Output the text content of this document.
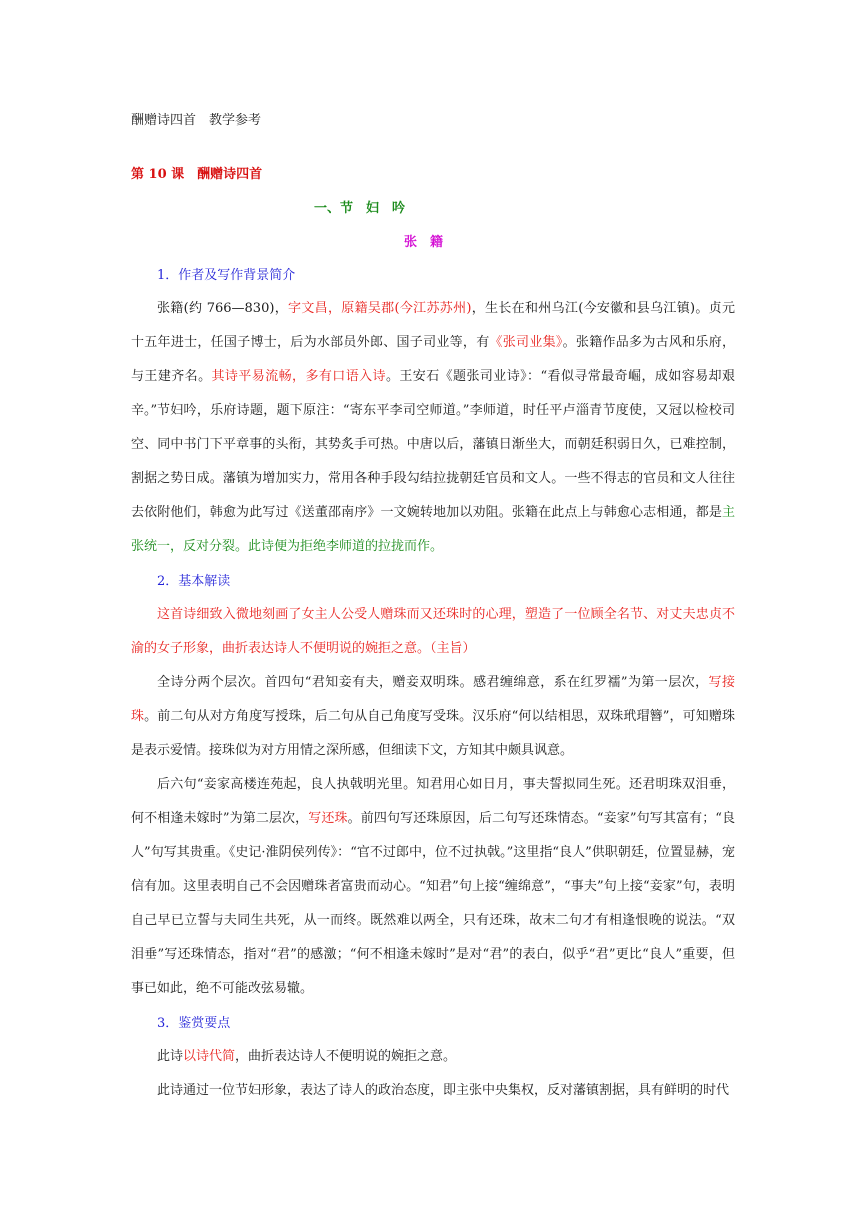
酬赠诗四首　教学参考
第 10 课　酬赠诗四首
一、节　妇　吟
张　籍
1．作者及写作背景简介

张籍(约 766—830)，字文昌，原籍吴郡(今江苏苏州)，生长在和州乌江(今安徽和县乌江镇)。贞元十五年进士，任国子博士，后为水部员外郎、国子司业等，有《张司业集》。张籍作品多为古风和乐府，与王建齐名。其诗平易流畅，多有口语入诗。王安石《题张司业诗》：“看似寻常最奇崛，成如容易却艰辛。” 节妇吟，乐府诗题，题下原注：“寄东平李司空师道。”李师道，时任平卢淄青节度使，又冠以检校司空、同中书门下平章事的头衔，其势炙手可热。中唐以后，藩镇日渐坐大，而朝廷积弱日久，已难控制，割据之势日成。藩镇为增加实力，常用各种手段勾结拉拢朝廷官员和文人。一些不得志的官员和文人往往去依附他们，韩愈为此写过《送董邵南序》一文婉转地加以劝阻。张籍在此点上与韩愈心志相通，都是主张统一，反对分裂。此诗便为拒绝李师道的拉拢而作。

2．基本解读

这首诗细致入微地刻画了女主人公受人赠珠而又还珠时的心理，塑造了一位顾全名节、对丈夫忠贞不渝的女子形象，曲折表达诗人不便明说的婉拒之意。（主旨）

全诗分两个层次。首四句“君知妾有夫，赠妾双明珠。感君缠绵意，系在红罗襦”为第一层次，写接珠。前二句从对方角度写授珠，后二句从自己角度写受珠。汉乐府“何以结相思，双珠玳瑁簪”，可知赠珠是表示爱情。接珠似为对方用情之深所感，但细读下文，方知其中颇具讽意。

后六句“妾家高楼连苑起，良人执戟明光里。知君用心如日月，事夫誓拟同生死。还君明珠双泪垂，何不相逢未嫁时”为第二层次，写还珠。前四句写还珠原因，后二句写还珠情态。“妾家”句写其富有；“良人”句写其贵重。《史记·淮阴侯列传》：“官不过郎中，位不过执戟。”这里指“良人”供职朝廷，位置显赫，宠信有加。这里表明自己不会因赠珠者富贵而动心。“知君”句上接“缠绵意”，“事夫”句上接“妾家”句，表明自己早已立誓与夫同生共死，从一而终。既然难以两全，只有还珠，故末二句才有相逢恨晚的说法。“双泪垂”写还珠情态，指对“君”的感激；“何不相逢未嫁时”是对“君”的表白，似乎“君”更比“良人”重要，但事已如此，绝不可能改弦易辙。

3．鉴赏要点

此诗以诗代简，曲折表达诗人不便明说的婉拒之意。

此诗通过一位节妇形象，表达了诗人的政治态度，即主张中央集权，反对藩镇割据，具有鲜明的时代
